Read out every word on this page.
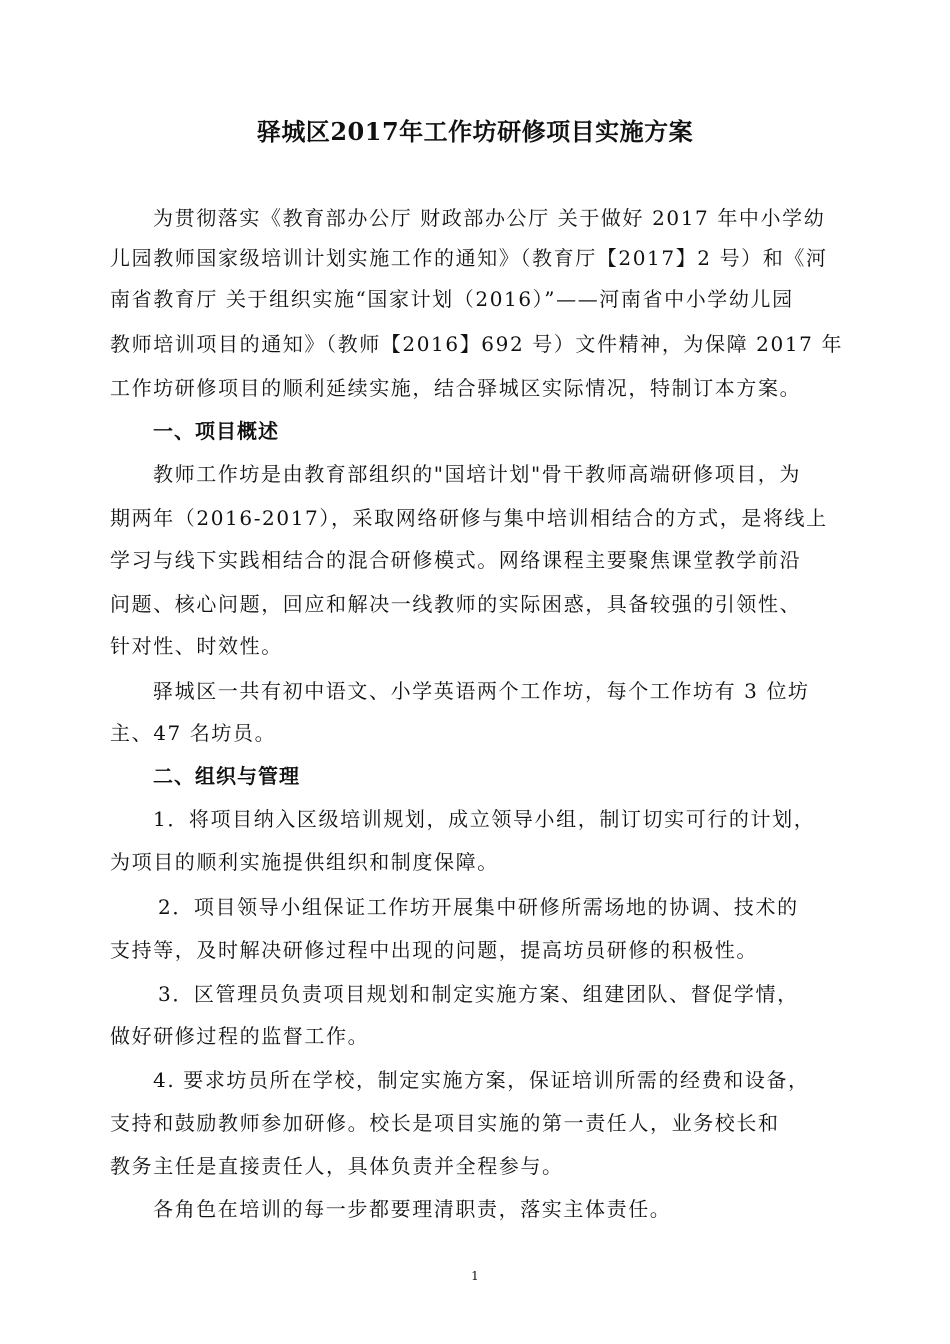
驿城区2017年工作坊研修项目实施方案
为贯彻落实《教育部办公厅 财政部办公厅 关于做好 2017 年中小学幼
儿园教师国家级培训计划实施工作的通知》（教育厅【2017】2 号）和《河
南省教育厅 关于组织实施“国家计划（2016）”——河南省中小学幼儿园
教师培训项目的通知》（教师【2016】692 号）文件精神，为保障 2017 年
工作坊研修项目的顺利延续实施，结合驿城区实际情况，特制订本方案。
一、项目概述
教师工作坊是由教育部组织的"国培计划"骨干教师高端研修项目，为
期两年（2016-2017），采取网络研修与集中培训相结合的方式，是将线上
学习与线下实践相结合的混合研修模式。网络课程主要聚焦课堂教学前沿
问题、核心问题，回应和解决一线教师的实际困惑，具备较强的引领性、
针对性、时效性。
驿城区一共有初中语文、小学英语两个工作坊，每个工作坊有 3 位坊
主、47 名坊员。
二、组织与管理
1．将项目纳入区级培训规划，成立领导小组，制订切实可行的计划，
为项目的顺利实施提供组织和制度保障。
2．项目领导小组保证工作坊开展集中研修所需场地的协调、技术的
支持等，及时解决研修过程中出现的问题，提高坊员研修的积极性。
3．区管理员负责项目规划和制定实施方案、组建团队、督促学情，
做好研修过程的监督工作。
4. 要求坊员所在学校，制定实施方案，保证培训所需的经费和设备，
支持和鼓励教师参加研修。校长是项目实施的第一责任人，业务校长和
教务主任是直接责任人，具体负责并全程参与。
各角色在培训的每一步都要理清职责，落实主体责任。
1
